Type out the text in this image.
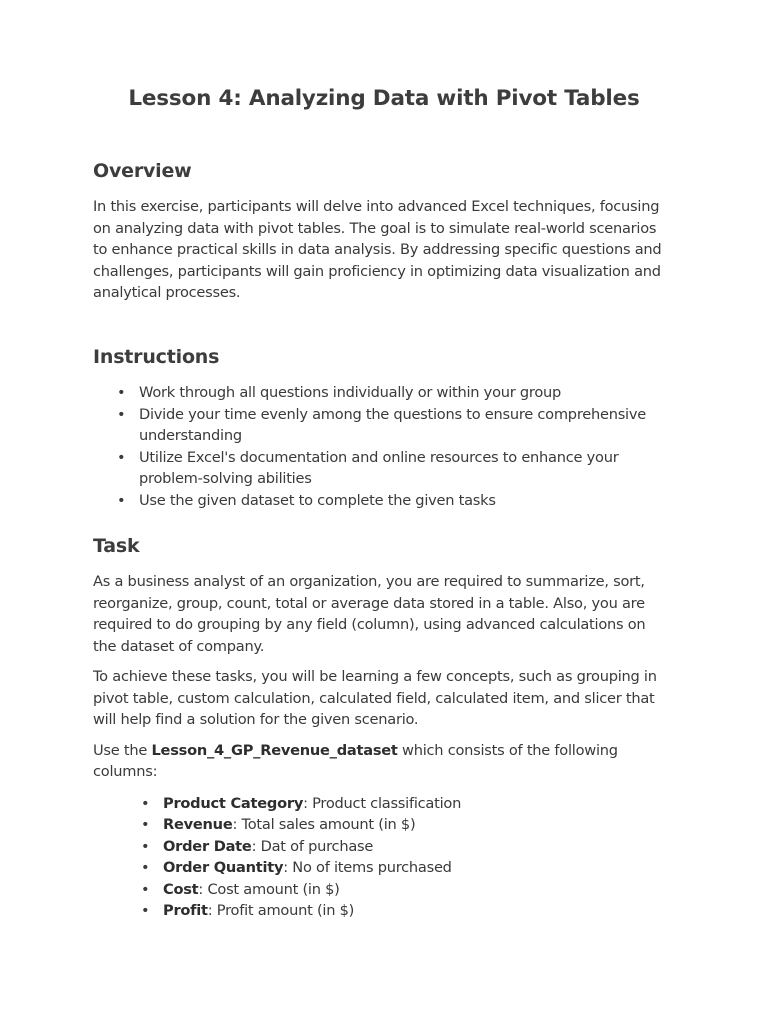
Lesson 4: Analyzing Data with Pivot Tables
Overview

In this exercise, participants will delve into advanced Excel techniques, focusing on analyzing data with pivot tables. The goal is to simulate real-world scenarios to enhance practical skills in data analysis. By addressing specific questions and challenges, participants will gain proficiency in optimizing data visualization and analytical processes.

Instructions
• Work through all questions individually or within your group
• Divide your time evenly among the questions to ensure comprehensive understanding
• Utilize Excel's documentation and online resources to enhance your problem-solving abilities
• Use the given dataset to complete the given tasks
Task

As a business analyst of an organization, you are required to summarize, sort, reorganize, group, count, total or average data stored in a table. Also, you are required to do grouping by any field (column), using advanced calculations on the dataset of company.

To achieve these tasks, you will be learning a few concepts, such as grouping in pivot table, custom calculation, calculated field, calculated item, and slicer that will help find a solution for the given scenario.

Use the Lesson_4_GP_Revenue_dataset which consists of the following columns:

• Product Category: Product classification
• Revenue: Total sales amount (in $)
• Order Date: Dat of purchase
• Order Quantity: No of items purchased
• Cost: Cost amount (in $)
• Profit: Profit amount (in $)
